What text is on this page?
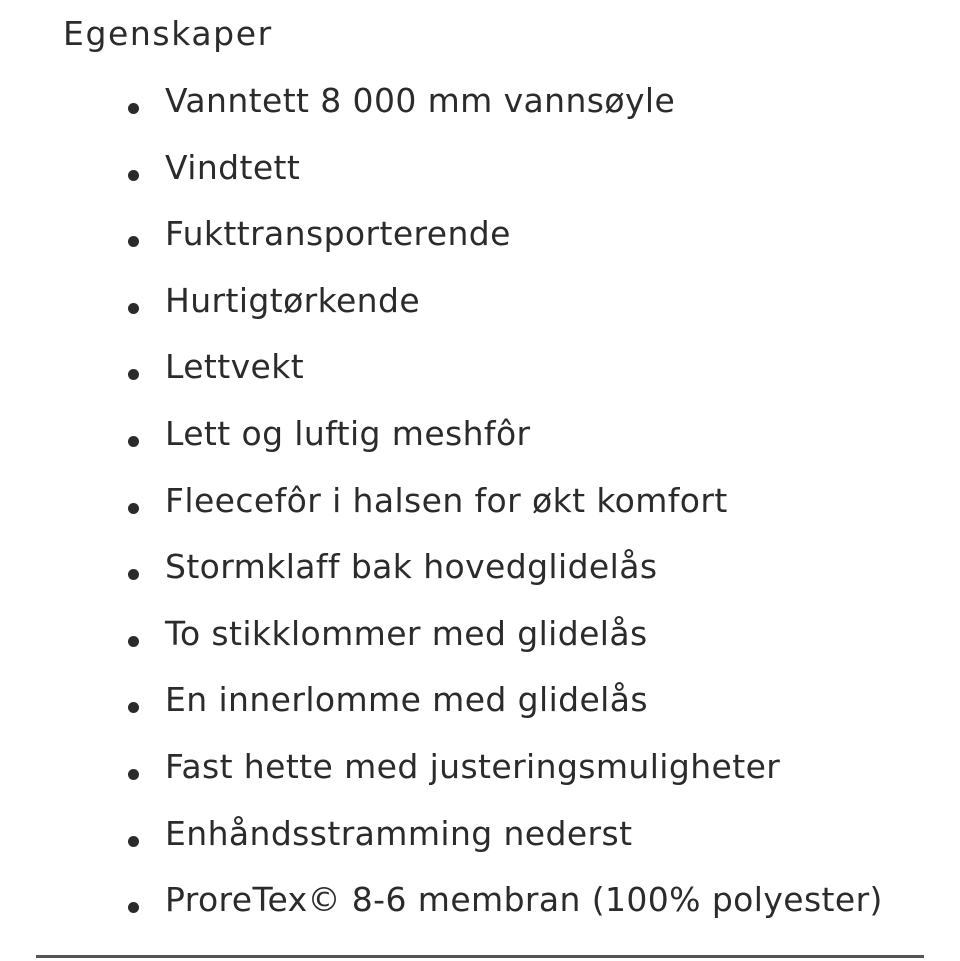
Egenskaper
Vanntett 8 000 mm vannsøyle
Vindtett
Fukttransporterende
Hurtigtørkende
Lettvekt
Lett og luftig meshfôr
Fleecefôr i halsen for økt komfort
Stormklaff bak hovedglidelås
To stikklommer med glidelås
En innerlomme med glidelås
Fast hette med justeringsmuligheter
Enhåndsstramming nederst
ProreTex© 8-6 membran (100% polyester)
